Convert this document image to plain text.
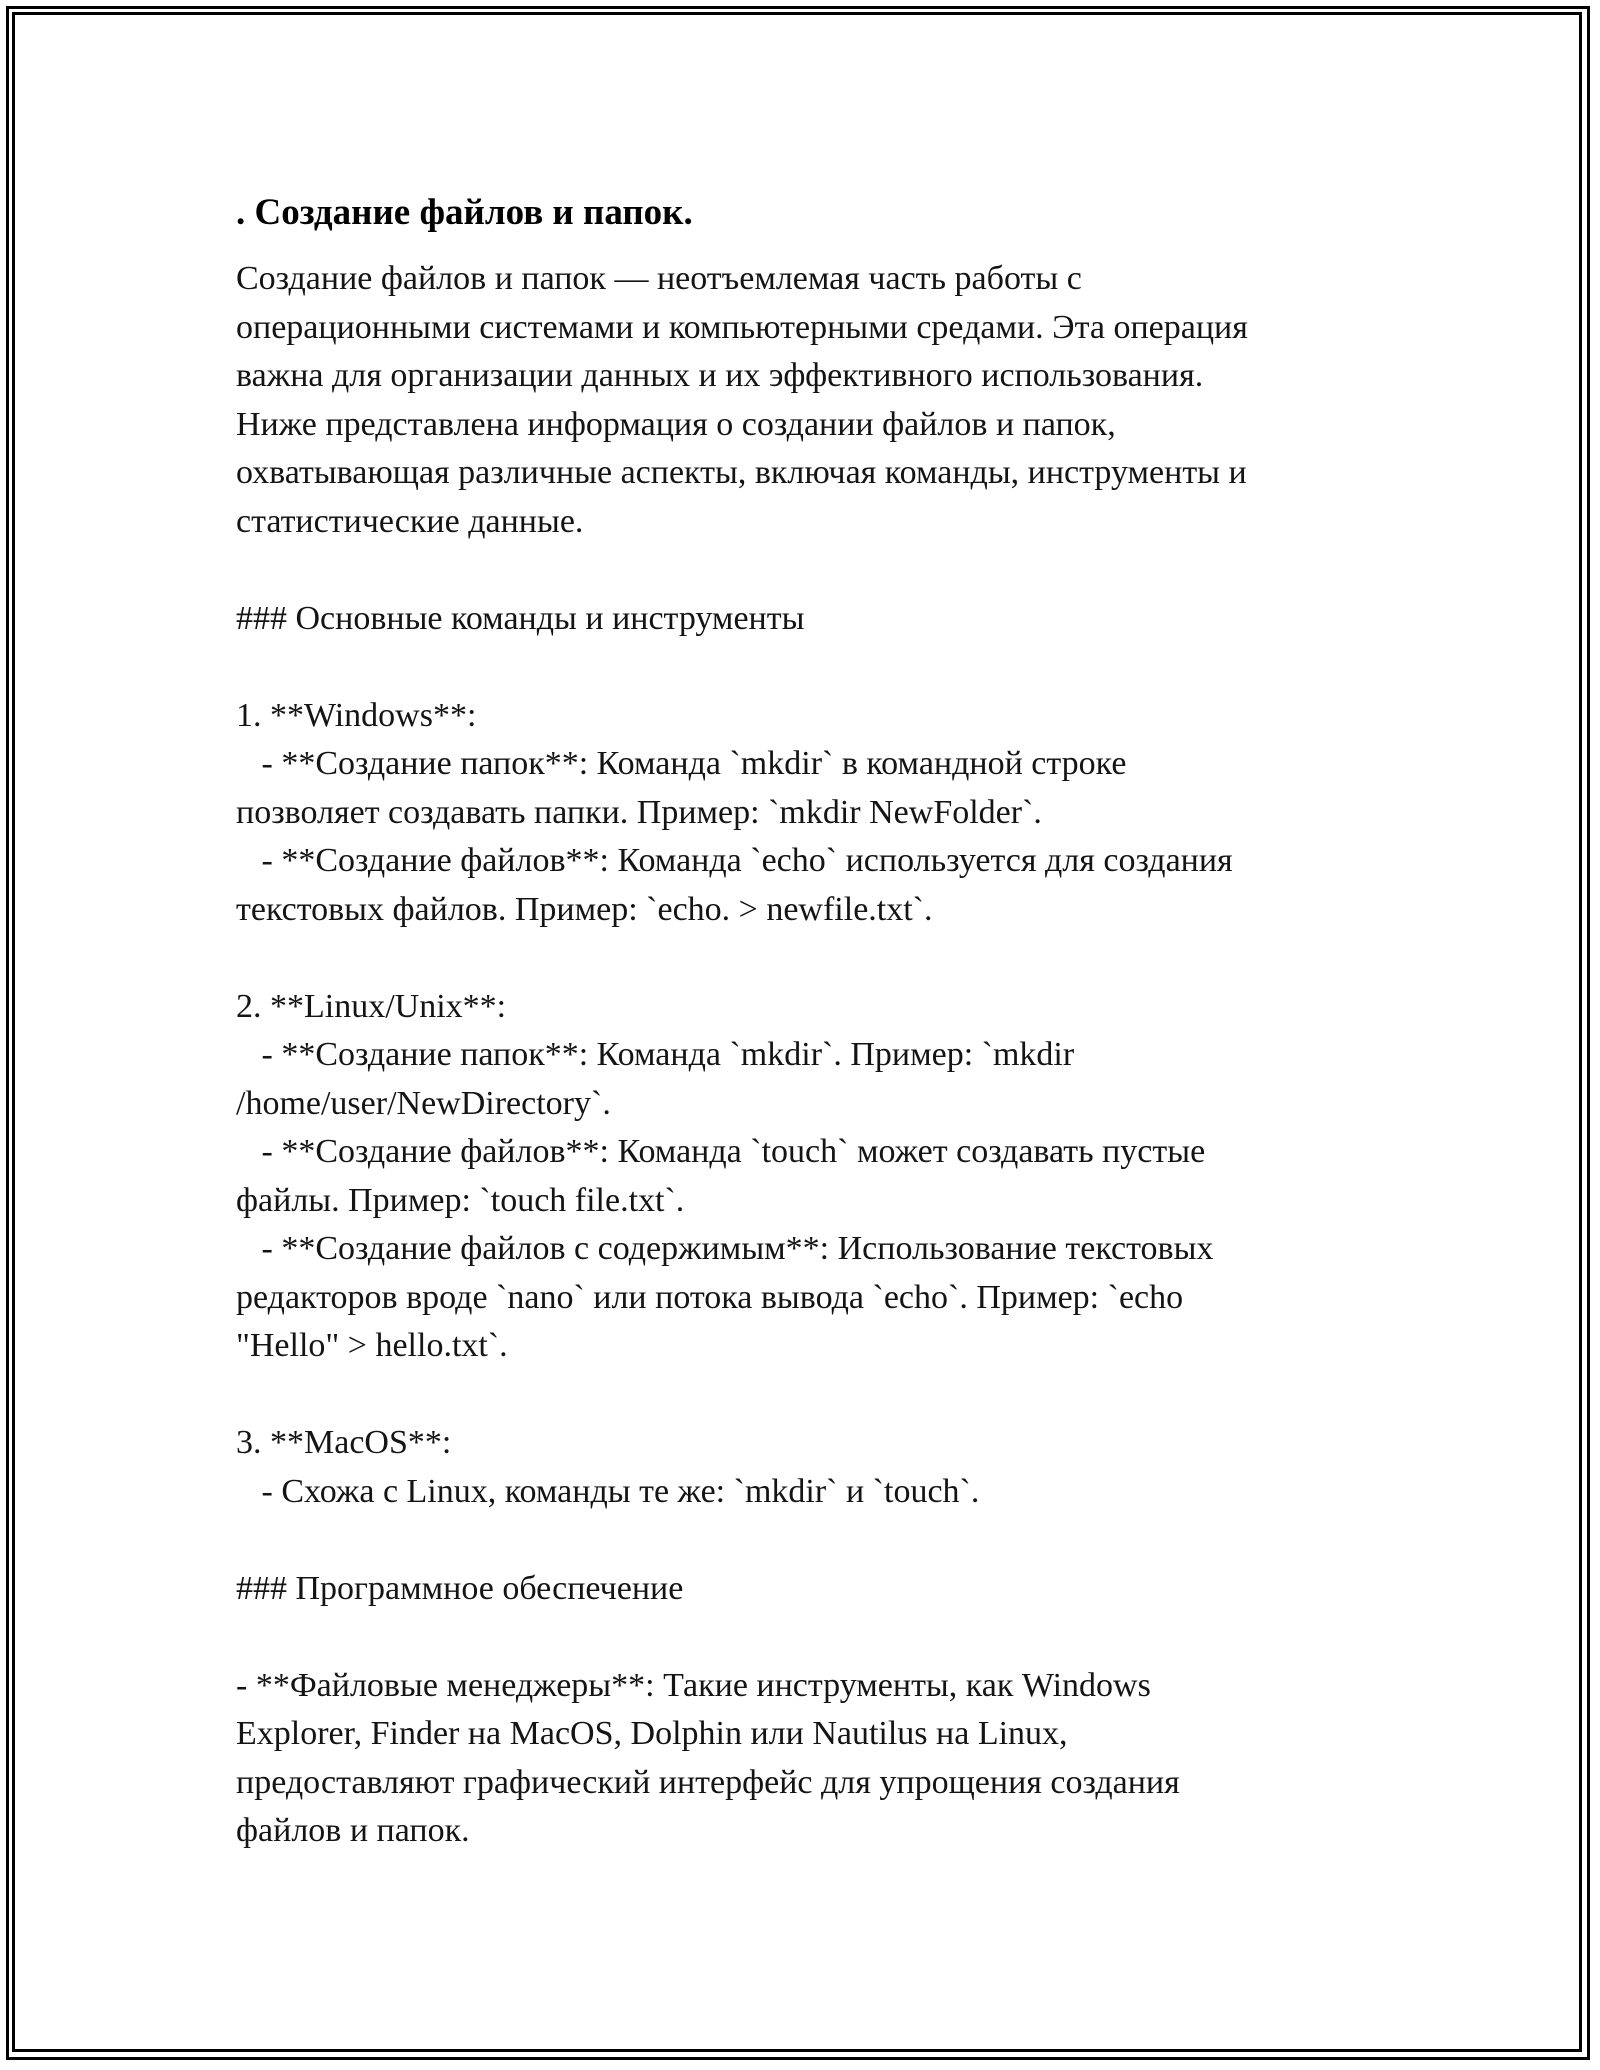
. Создание файлов и папок.
Создание файлов и папок — неотъемлемая часть работы с
операционными системами и компьютерными средами. Эта операция
важна для организации данных и их эффективного использования.
Ниже представлена информация о создании файлов и папок,
охватывающая различные аспекты, включая команды, инструменты и
статистические данные.
### Основные команды и инструменты
1. **Windows**:
- **Создание папок**: Команда `mkdir` в командной строке
позволяет создавать папки. Пример: `mkdir NewFolder`.
- **Создание файлов**: Команда `echo` используется для создания
текстовых файлов. Пример: `echo. > newfile.txt`.
2. **Linux/Unix**:
- **Создание папок**: Команда `mkdir`. Пример: `mkdir
/home/user/NewDirectory`.
- **Создание файлов**: Команда `touch` может создавать пустые
файлы. Пример: `touch file.txt`.
- **Создание файлов с содержимым**: Использование текстовых
редакторов вроде `nano` или потока вывода `echo`. Пример: `echo
"Hello" > hello.txt`.
3. **MacOS**:
- Схожа с Linux, команды те же: `mkdir` и `touch`.
### Программное обеспечение
- **Файловые менеджеры**: Такие инструменты, как Windows
Explorer, Finder на MacOS, Dolphin или Nautilus на Linux,
предоставляют графический интерфейс для упрощения создания
файлов и папок.
